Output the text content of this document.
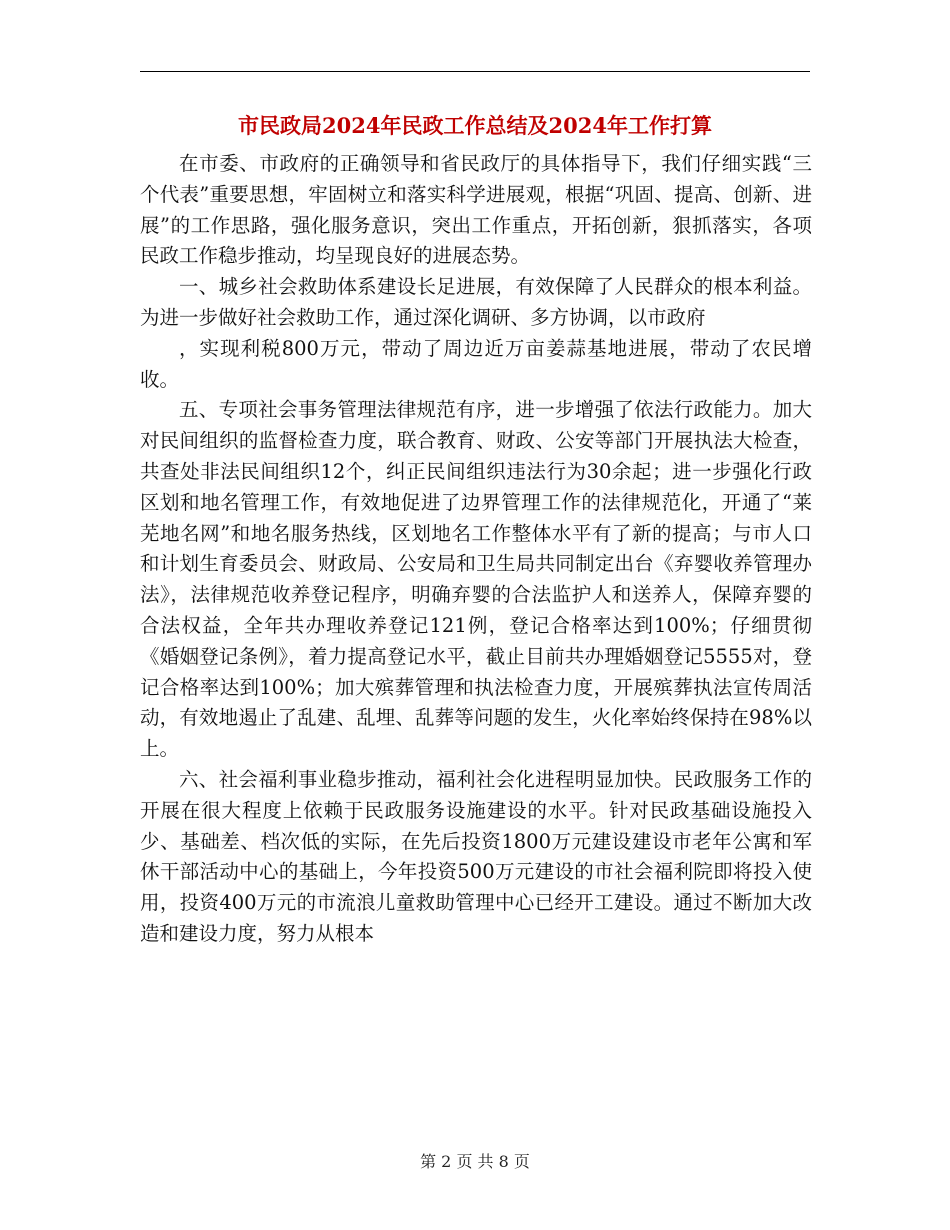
市民政局2024年民政工作总结及2024年工作打算

在市委、市政府的正确领导和省民政厅的具体指导下，我们仔细实践“三个代表”重要思想，牢固树立和落实科学进展观，根据“巩固、提高、创新、进展”的工作思路，强化服务意识，突出工作重点，开拓创新，狠抓落实，各项民政工作稳步推动，均呈现良好的进展态势。

一、城乡社会救助体系建设长足进展，有效保障了人民群众的根本利益。为进一步做好社会救助工作，通过深化调研、多方协调，以市政府

，实现利税800万元，带动了周边近万亩姜蒜基地进展，带动了农民增收。

五、专项社会事务管理法律规范有序，进一步增强了依法行政能力。加大对民间组织的监督检查力度，联合教育、财政、公安等部门开展执法大检查，共查处非法民间组织12个，纠正民间组织违法行为30余起；进一步强化行政区划和地名管理工作，有效地促进了边界管理工作的法律规范化，开通了“莱芜地名网”和地名服务热线，区划地名工作整体水平有了新的提高；与市人口和计划生育委员会、财政局、公安局和卫生局共同制定出台《弃婴收养管理办法》，法律规范收养登记程序，明确弃婴的合法监护人和送养人，保障弃婴的合法权益，全年共办理收养登记121例，登记合格率达到100%；仔细贯彻《婚姻登记条例》，着力提高登记水平，截止目前共办理婚姻登记5555对，登记合格率达到100%；加大殡葬管理和执法检查力度，开展殡葬执法宣传周活动，有效地遏止了乱建、乱埋、乱葬等问题的发生，火化率始终保持在98%以上。

六、社会福利事业稳步推动，福利社会化进程明显加快。民政服务工作的开展在很大程度上依赖于民政服务设施建设的水平。针对民政基础设施投入少、基础差、档次低的实际，在先后投资1800万元建设建设市老年公寓和军休干部活动中心的基础上，今年投资500万元建设的市社会福利院即将投入使用，投资400万元的市流浪儿童救助管理中心已经开工建设。通过不断加大改造和建设力度，努力从根本

第 2 页 共 8 页
